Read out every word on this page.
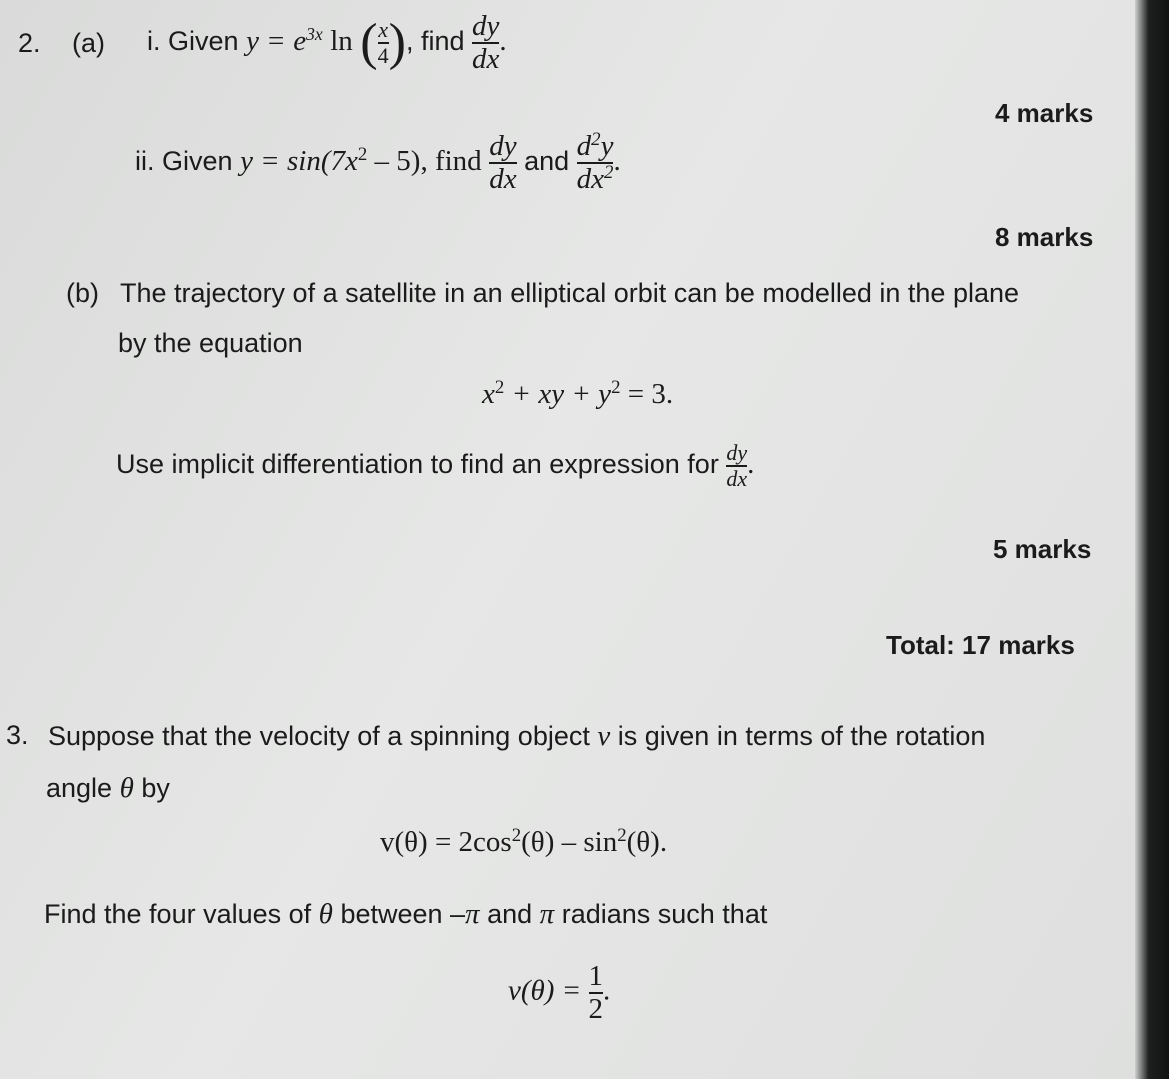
2. (a) i. Given $y = e^{3x}$ ln ( $\frac{x}{4}$ ), find $\frac{dy}{dx}$ .
4 marks
ii. Given $y = \sin(7x^2 - 5)$, find $\frac{dy}{dx}$ and $\frac{d^2y}{dx^2}$ .
8 marks
(b) The trajectory of a satellite in an elliptical orbit can be modelled in the plane
by the equation
$x^2$ + xy + $y^2 = 3$.
Use implicit differentiation to find an expression for $\frac{dy}{dx}$ .
5 marks
Total: 17 marks
3. Suppose that the velocity of a spinning object v is given in terms of the rotation
angle θ by
$v(\theta) = 2\cos^2(\theta) - \sin^2(\theta)$.
Find the four values of θ between –π and π radians such that
$v(\theta) = \frac{1}{2}$ .
